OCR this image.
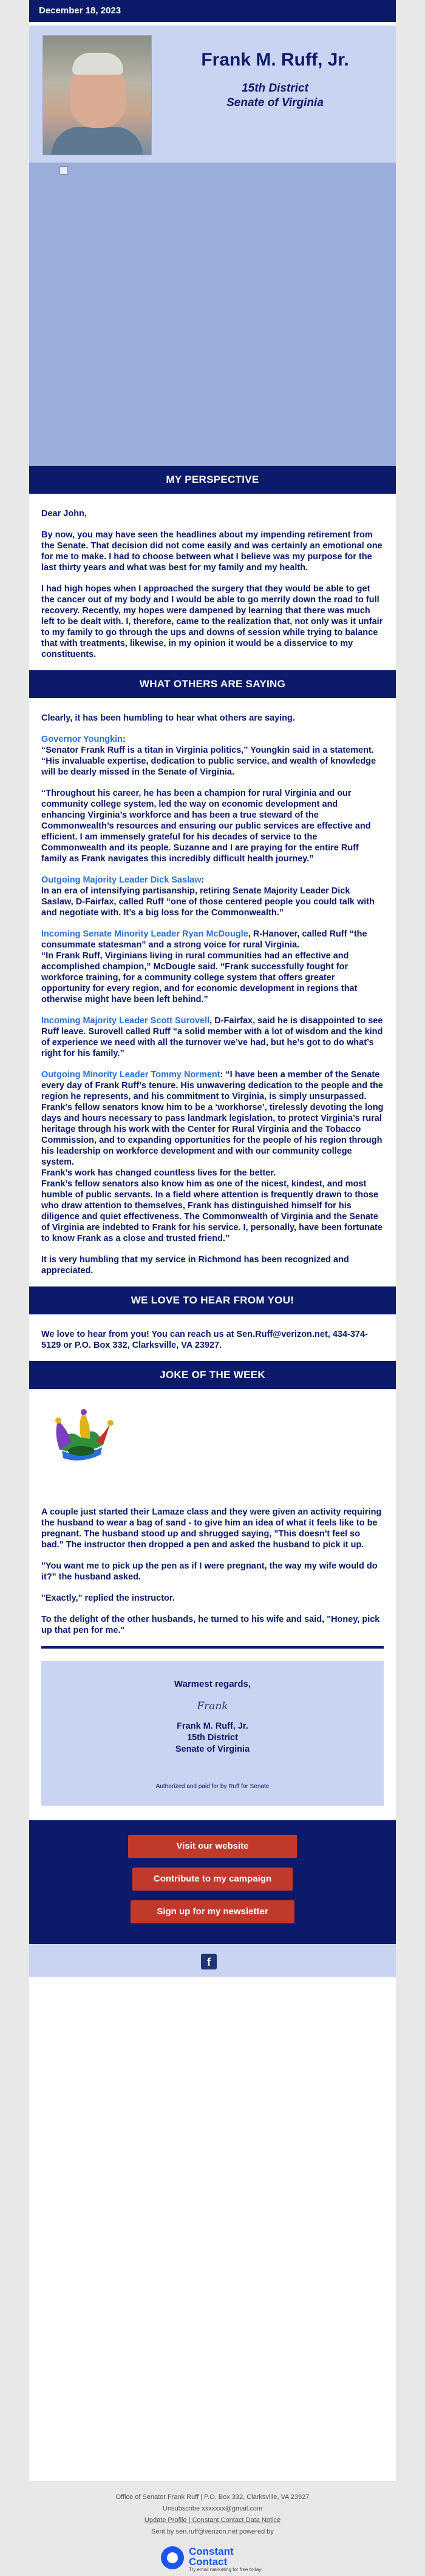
December 18, 2023
Frank M. Ruff, Jr.
15th District
Senate of Virginia
MY PERSPECTIVE

Dear John,

By now, you may have seen the headlines about my impending retirement from the Senate. That decision did not come easily and was certainly an emotional one for me to make. I had to choose between what I believe was my purpose for the last thirty years and what was best for my family and my health.

I had high hopes when I approached the surgery that they would be able to get the cancer out of my body and I would be able to go merrily down the road to full recovery. Recently, my hopes were dampened by learning that there was much left to be dealt with. I, therefore, came to the realization that, not only was it unfair to my family to go through the ups and downs of session while trying to balance that with treatments, likewise, in my opinion it would be a disservice to my constituents.

WHAT OTHERS ARE SAYING

Clearly, it has been humbling to hear what others are saying.

Governor Youngkin:
“Senator Frank Ruff is a titan in Virginia politics,” Youngkin said in a statement. “His invaluable expertise, dedication to public service, and wealth of knowledge will be dearly missed in the Senate of Virginia.

“Throughout his career, he has been a champion for rural Virginia and our community college system, led the way on economic development and enhancing Virginia’s workforce and has been a true steward of the Commonwealth’s resources and ensuring our public services are effective and efficient. I am immensely grateful for his decades of service to the Commonwealth and its people. Suzanne and I are praying for the entire Ruff family as Frank navigates this incredibly difficult health journey.”

Outgoing Majority Leader Dick Saslaw:
In an era of intensifying partisanship, retiring Senate Majority Leader Dick Saslaw, D-Fairfax, called Ruff “one of those centered people you could talk with and negotiate with. It’s a big loss for the Commonwealth.”

Incoming Senate Minority Leader Ryan McDougle, R-Hanover, called Ruff “the consummate statesman” and a strong voice for rural Virginia.
“In Frank Ruff, Virginians living in rural communities had an effective and accomplished champion,” McDougle said. “Frank successfully fought for workforce training, for a community college system that offers greater opportunity for every region, and for economic development in regions that otherwise might have been left behind.”

Incoming Majority Leader Scott Surovell, D-Fairfax, said he is disappointed to see Ruff leave. Surovell called Ruff “a solid member with a lot of wisdom and the kind of experience we need with all the turnover we’ve had, but he’s got to do what’s right for his family.”

Outgoing Minority Leader Tommy Norment: “I have been a member of the Senate every day of Frank Ruff’s tenure. His unwavering dedication to the people and the region he represents, and his commitment to Virginia, is simply unsurpassed.
Frank’s fellow senators know him to be a ‘workhorse’, tirelessly devoting the long days and hours necessary to pass landmark legislation, to protect Virginia’s rural heritage through his work with the Center for Rural Virginia and the Tobacco Commission, and to expanding opportunities for the people of his region through his leadership on workforce development and with our community college system.
Frank’s work has changed countless lives for the better.
Frank’s fellow senators also know him as one of the nicest, kindest, and most humble of public servants. In a field where attention is frequently drawn to those who draw attention to themselves, Frank has distinguished himself for his diligence and quiet effectiveness. The Commonwealth of Virginia and the Senate of Virginia are indebted to Frank for his service. I, personally, have been fortunate to know Frank as a close and trusted friend.”

It is very humbling that my service in Richmond has been recognized and appreciated.

WE LOVE TO HEAR FROM YOU!

We love to hear from you! You can reach us at Sen.Ruff@verizon.net, 434-374-5129 or P.O. Box 332, Clarksville, VA 23927.

JOKE OF THE WEEK

A couple just started their Lamaze class and they were given an activity requiring the husband to wear a bag of sand - to give him an idea of what it feels like to be pregnant. The husband stood up and shrugged saying, "This doesn't feel so bad." The instructor then dropped a pen and asked the husband to pick it up.

"You want me to pick up the pen as if I were pregnant, the way my wife would do it?" the husband asked.

"Exactly," replied the instructor.

To the delight of the other husbands, he turned to his wife and said, "Honey, pick up that pen for me."

Warmest regards,
Frank
Frank M. Ruff, Jr.
15th District
Senate of Virginia
Authorized and paid for by Ruff for Senate
Visit our website
Contribute to my campaign
Sign up for my newsletter
f
Office of Senator Frank Ruff | P.O. Box 332, Clarksville, VA 23927
Unsubscribe xxxxxxx@gmail.com
Update Profile | Constant Contact Data Notice
Sent by sen.ruff@verizon.net powered by
Constant
Contact
Try email marketing for free today!
